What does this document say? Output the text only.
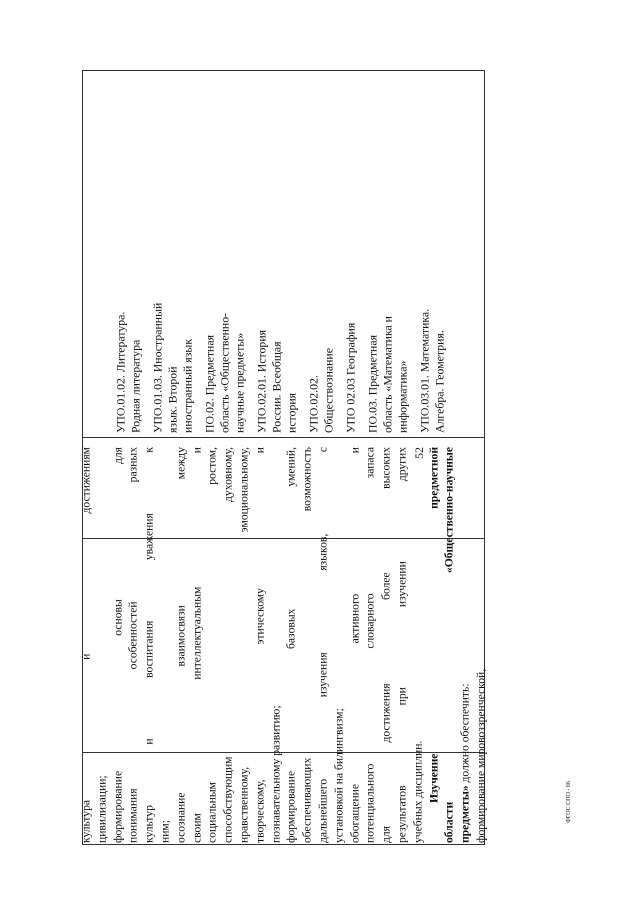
52
ФГОС СПО - 06
УПО.01.02. Литература. Родная литература УПО.01.03. Иностранный язык. Второй иностранный язык ПО.02. Предметная область «Общественно- научные предметы» УПО.02.01. История России. Всеобщая история УПО.02.02. Обществознание УПО 02.03 География ПО.03. Предметная область «Математика и информатика» УПО.03.01. Математика. Алгебра. Геометрия.

культура и достижениям цивилизации; формирование основы для понимания особенностей разных культур и воспитания уважения к ним; осознание взаимосвязи между своим интеллектуальным и социальным ростом, способствующим духовному, нравственному, эмоциональному, творческому, этическому и познавательному развитию; формирование базовых умений, обеспечивающих возможность дальнейшего изучения языков, с установкой на билингвизм; обогащение активного и потенциального словарного запаса для достижения более высоких результатов при изучении других учебных дисциплин. Изучение предметной области «Общественно-научные предметы» должно обеспечить: формирование мировоззренческой,
